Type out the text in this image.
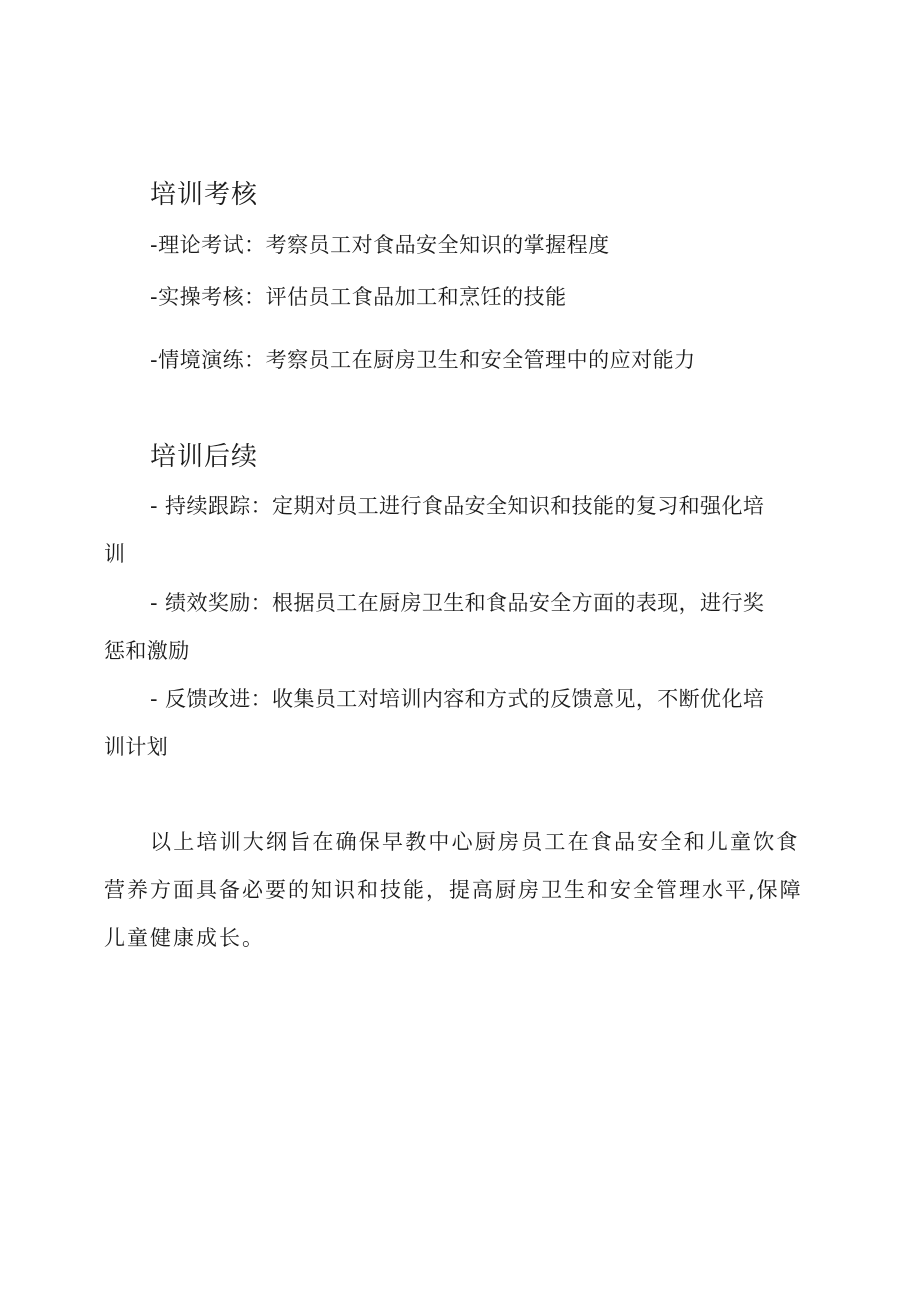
培训考核

-理论考试：考察员工对食品安全知识的掌握程度

-实操考核：评估员工食品加工和烹饪的技能

-情境演练：考察员工在厨房卫生和安全管理中的应对能力

培训后续

- 持续跟踪：定期对员工进行食品安全知识和技能的复习和强化培

训

- 绩效奖励：根据员工在厨房卫生和食品安全方面的表现，进行奖

惩和激励

- 反馈改进：收集员工对培训内容和方式的反馈意见，不断优化培

训计划

以上培训大纲旨在确保早教中心厨房员工在食品安全和儿童饮食

营养方面具备必要的知识和技能，提高厨房卫生和安全管理水平,保障

儿童健康成长。
